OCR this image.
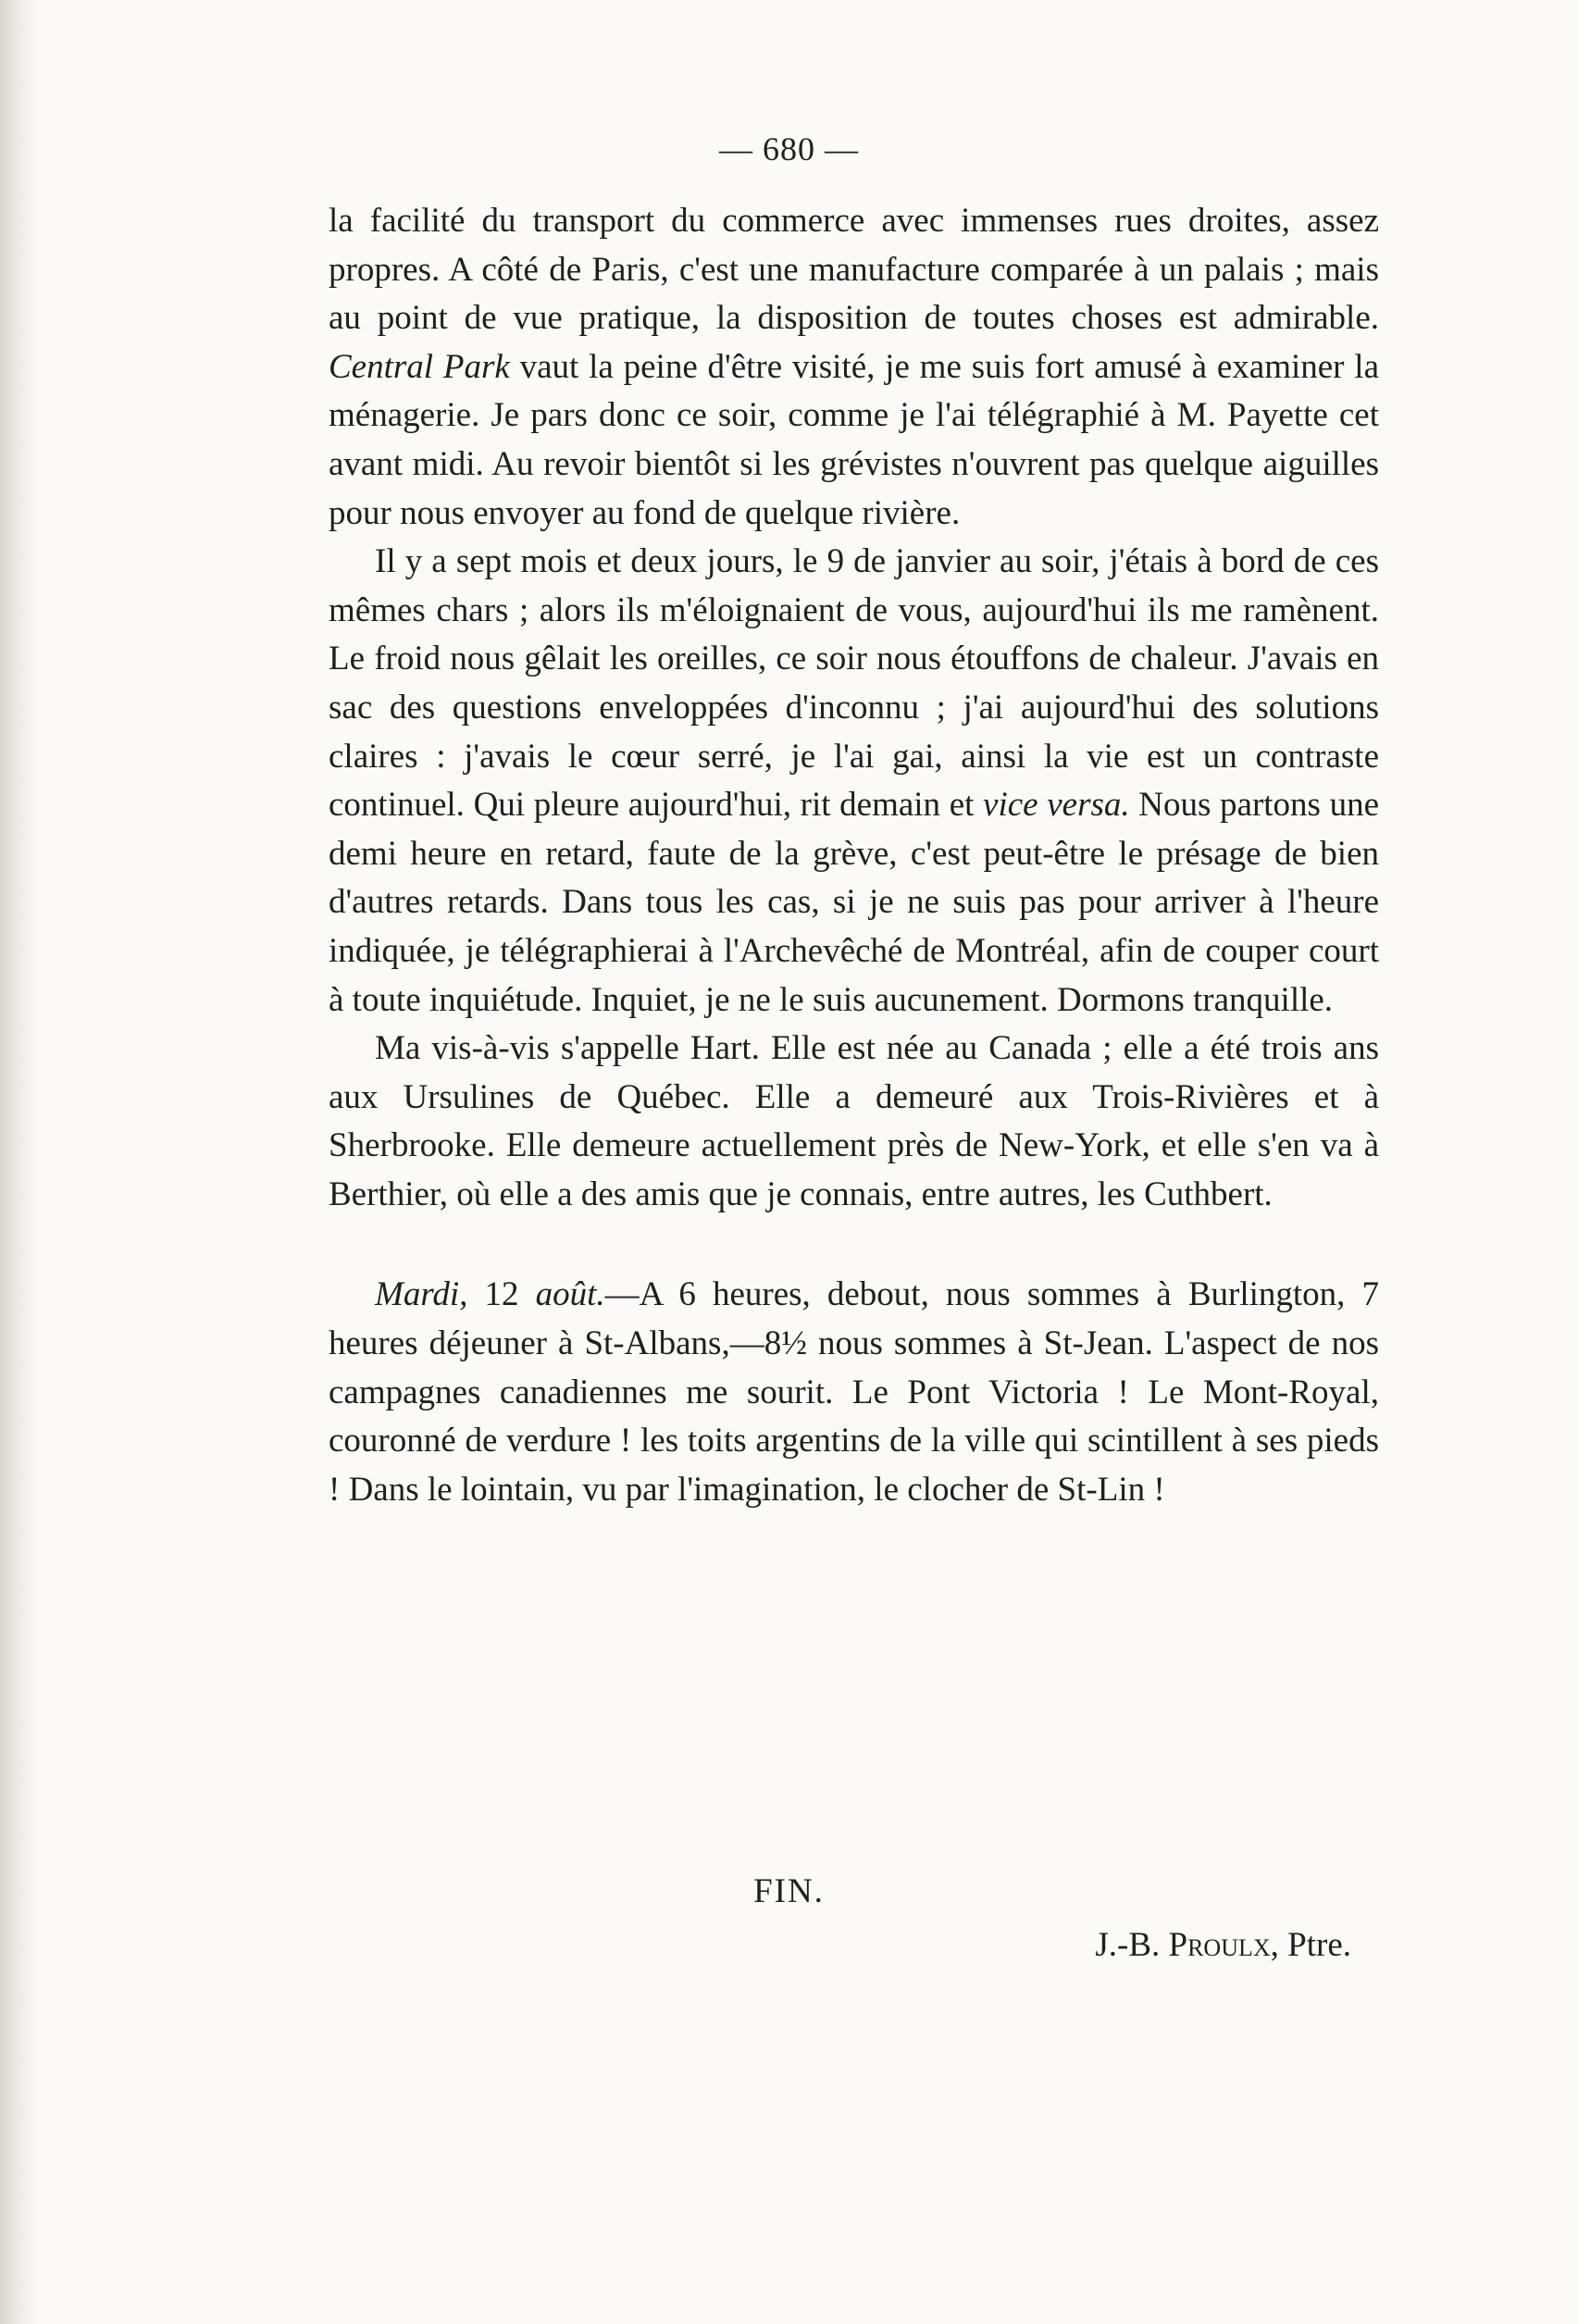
— 680 —

la facilité du transport du commerce avec immenses rues droites, assez propres. A côté de Paris, c'est une manufacture comparée à un palais ; mais au point de vue pratique, la disposition de toutes choses est admirable. Central Park vaut la peine d'être visité, je me suis fort amusé à examiner la ménagerie. Je pars donc ce soir, comme je l'ai télégraphié à M. Payette cet avant midi. Au revoir bientôt si les grévistes n'ouvrent pas quelque aiguilles pour nous envoyer au fond de quelque rivière.

Il y a sept mois et deux jours, le 9 de janvier au soir, j'étais à bord de ces mêmes chars ; alors ils m'éloignaient de vous, aujourd'hui ils me ramènent. Le froid nous gêlait les oreilles, ce soir nous étouffons de chaleur. J'avais en sac des questions enveloppées d'inconnu ; j'ai aujourd'hui des solutions claires : j'avais le cœur serré, je l'ai gai, ainsi la vie est un contraste continuel. Qui pleure aujourd'hui, rit demain et vice versa. Nous partons une demi heure en retard, faute de la grève, c'est peut-être le présage de bien d'autres retards. Dans tous les cas, si je ne suis pas pour arriver à l'heure indiquée, je télégraphierai à l'Archevêché de Montréal, afin de couper court à toute inquiétude. Inquiet, je ne le suis aucunement. Dormons tranquille.

Ma vis-à-vis s'appelle Hart. Elle est née au Canada ; elle a été trois ans aux Ursulines de Québec. Elle a demeuré aux Trois-Rivières et à Sherbrooke. Elle demeure actuellement près de New-York, et elle s'en va à Berthier, où elle a des amis que je connais, entre autres, les Cuthbert.

Mardi, 12 août.—A 6 heures, debout, nous sommes à Burlington, 7 heures déjeuner à St-Albans,—8½ nous sommes à St-Jean. L'aspect de nos campagnes canadiennes me sourit. Le Pont Victoria ! Le Mont-Royal, couronné de verdure ! les toits argentins de la ville qui scintillent à ses pieds ! Dans le lointain, vu par l'imagination, le clocher de St-Lin !

FIN.
J.-B. Proulx, Ptre.
